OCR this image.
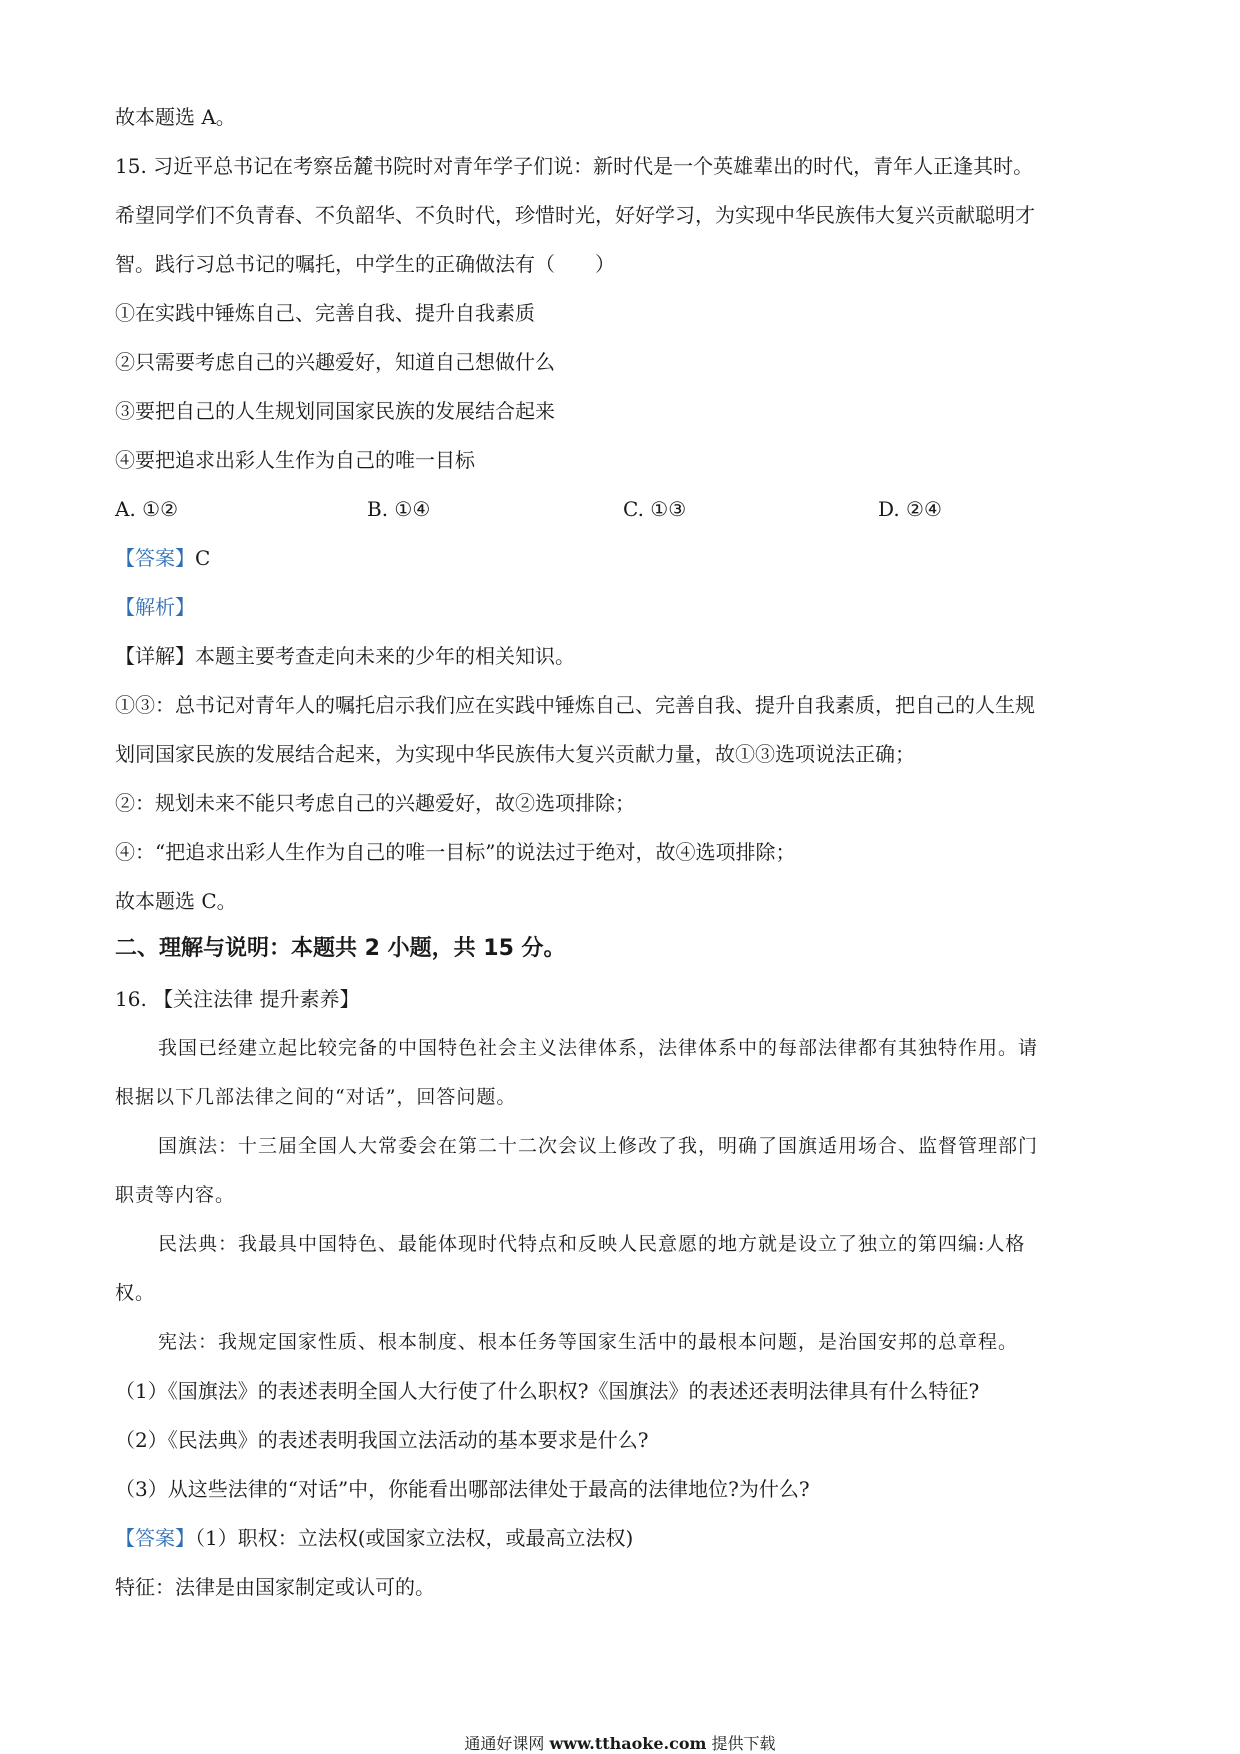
故本题选 A。
15. 习近平总书记在考察岳麓书院时对青年学子们说：新时代是一个英雄辈出的时代，青年人正逢其时。
希望同学们不负青春、不负韶华、不负时代，珍惜时光，好好学习，为实现中华民族伟大复兴贡献聪明才
智。践行习总书记的嘱托，中学生的正确做法有（　　）
①在实践中锤炼自己、完善自我、提升自我素质
②只需要考虑自己的兴趣爱好，知道自己想做什么
③要把自己的人生规划同国家民族的发展结合起来
④要把追求出彩人生作为自己的唯一目标
A. ①②	B. ①④	C. ①③	D. ②④
【答案】C
【解析】
【详解】本题主要考查走向未来的少年的相关知识。
①③：总书记对青年人的嘱托启示我们应在实践中锤炼自己、完善自我、提升自我素质，把自己的人生规
划同国家民族的发展结合起来，为实现中华民族伟大复兴贡献力量，故①③选项说法正确；
②：规划未来不能只考虑自己的兴趣爱好，故②选项排除；
④：“把追求出彩人生作为自己的唯一目标”的说法过于绝对，故④选项排除；
故本题选 C。
二、理解与说明：本题共 2 小题，共 15 分。
16. 【关注法律 提升素养】
我国已经建立起比较完备的中国特色社会主义法律体系，法律体系中的每部法律都有其独特作用。请
根据以下几部法律之间的“对话”，回答问题。
国旗法：十三届全国人大常委会在第二十二次会议上修改了我，明确了国旗适用场合、监督管理部门
职责等内容。
民法典：我最具中国特色、最能体现时代特点和反映人民意愿的地方就是设立了独立的第四编:人格
权。
宪法：我规定国家性质、根本制度、根本任务等国家生活中的最根本问题，是治国安邦的总章程。
（1）《国旗法》的表述表明全国人大行使了什么职权?《国旗法》的表述还表明法律具有什么特征?
（2）《民法典》的表述表明我国立法活动的基本要求是什么?
（3）从这些法律的“对话”中，你能看出哪部法律处于最高的法律地位?为什么?
【答案】（1）职权：立法权(或国家立法权，或最高立法权)
特征：法律是由国家制定或认可的。
通通好课网 www.tthaoke.com 提供下载
